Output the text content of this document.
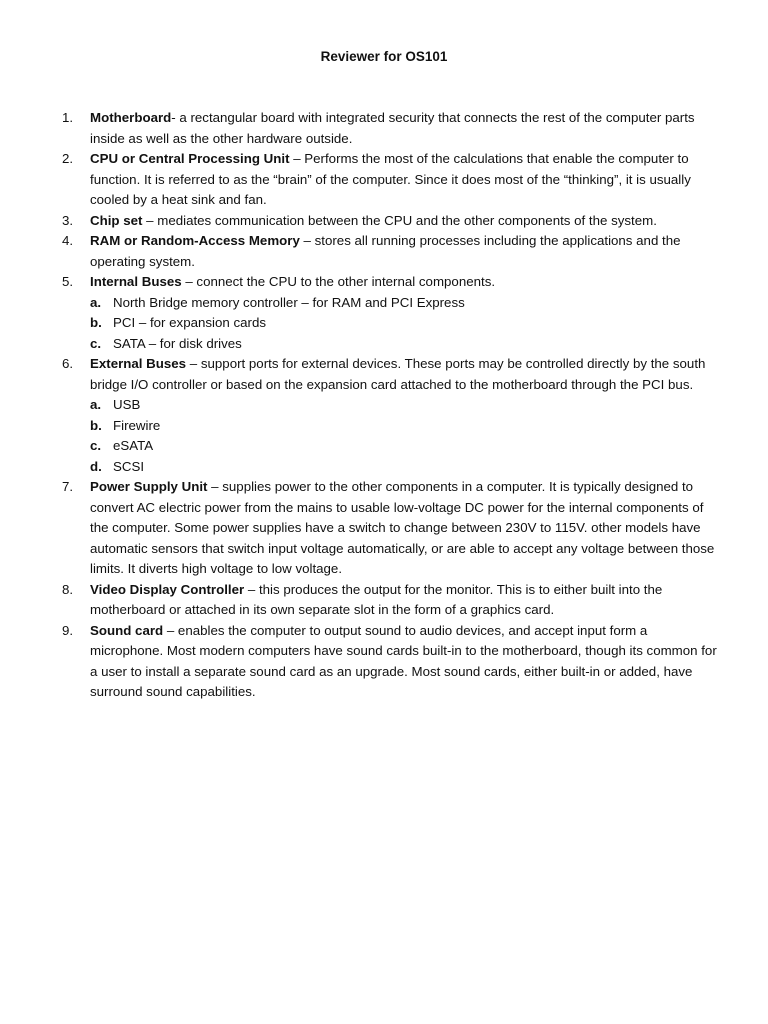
Reviewer for OS101
1.	Motherboard- a rectangular board with integrated security that connects the rest of the computer parts inside as well as the other hardware outside.
2.	CPU or Central Processing Unit – Performs the most of the calculations that enable the computer to function. It is referred to as the “brain” of the computer. Since it does most of the “thinking”, it is usually cooled by a heat sink and fan.
3.	Chip set – mediates communication between the CPU and the other components of the system.
4.	RAM or Random-Access Memory – stores all running processes including the applications and the operating system.
5.	Internal Buses – connect the CPU to the other internal components.
a. North Bridge memory controller – for RAM and PCI Express
b. PCI – for expansion cards
c. SATA – for disk drives
6.	External Buses – support ports for external devices. These ports may be controlled directly by the south bridge I/O controller or based on the expansion card attached to the motherboard through the PCI bus.
a. USB
b. Firewire
c. eSATA
d. SCSI
7.	Power Supply Unit – supplies power to the other components in a computer. It is typically designed to convert AC electric power from the mains to usable low-voltage DC power for the internal components of the computer. Some power supplies have a switch to change between 230V to 115V. other models have automatic sensors that switch input voltage automatically, or are able to accept any voltage between those limits. It diverts high voltage to low voltage.
8.	Video Display Controller – this produces the output for the monitor. This is to either built into the motherboard or attached in its own separate slot in the form of a graphics card.
9.	Sound card – enables the computer to output sound to audio devices, and accept input form a microphone. Most modern computers have sound cards built-in to the motherboard, though its common for a user to install a separate sound card as an upgrade. Most sound cards, either built-in or added, have surround sound capabilities.
